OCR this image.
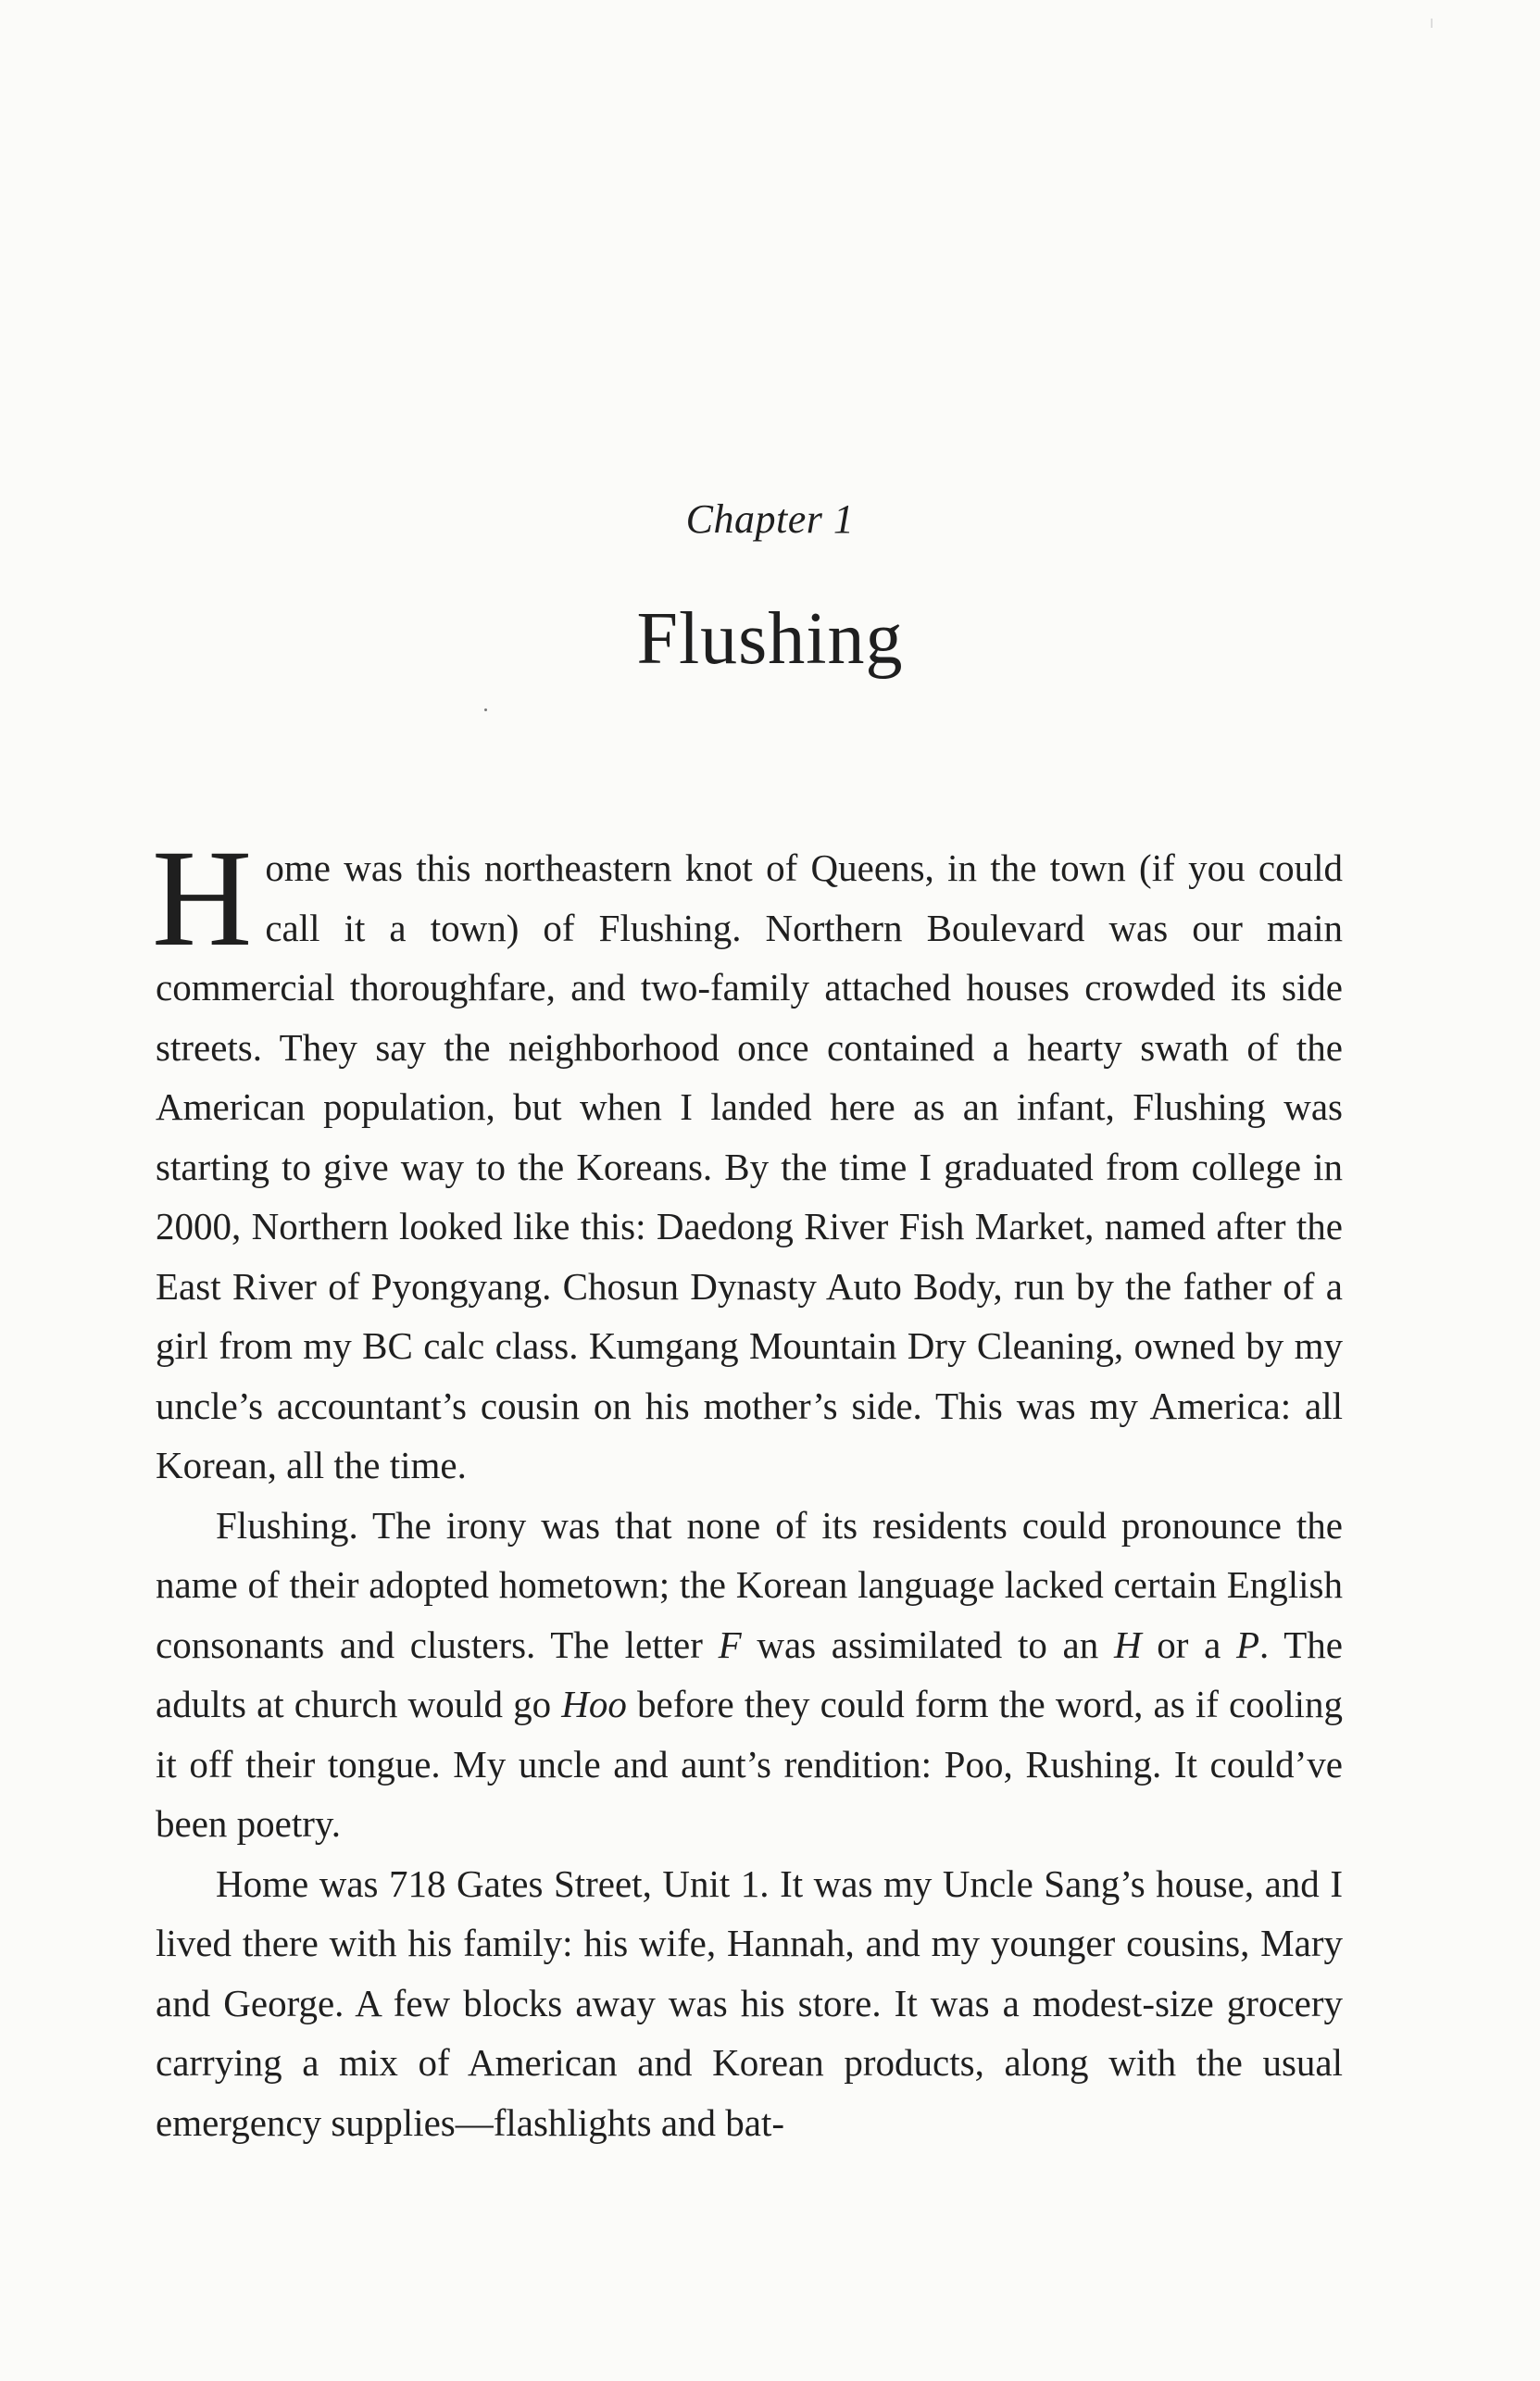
Chapter 1
Flushing

Home was this northeastern knot of Queens, in the town (if you could call it a town) of Flushing. Northern Boulevard was our main commercial thoroughfare, and two-family attached houses crowded its side streets. They say the neighborhood once contained a hearty swath of the American population, but when I landed here as an infant, Flushing was starting to give way to the Koreans. By the time I graduated from college in 2000, Northern looked like this: Daedong River Fish Market, named after the East River of Pyongyang. Chosun Dynasty Auto Body, run by the father of a girl from my BC calc class. Kumgang Mountain Dry Cleaning, owned by my uncle’s accountant’s cousin on his mother’s side. This was my America: all Korean, all the time.

Flushing. The irony was that none of its residents could pronounce the name of their adopted hometown; the Korean language lacked certain English consonants and clusters. The letter F was assimilated to an H or a P. The adults at church would go Hoo before they could form the word, as if cooling it off their tongue. My uncle and aunt’s rendition: Poo, Rushing. It could’ve been poetry.

Home was 718 Gates Street, Unit 1. It was my Uncle Sang’s house, and I lived there with his family: his wife, Hannah, and my younger cousins, Mary and George. A few blocks away was his store. It was a modest-size grocery carrying a mix of American and Korean products, along with the usual emergency supplies—flashlights and bat-
